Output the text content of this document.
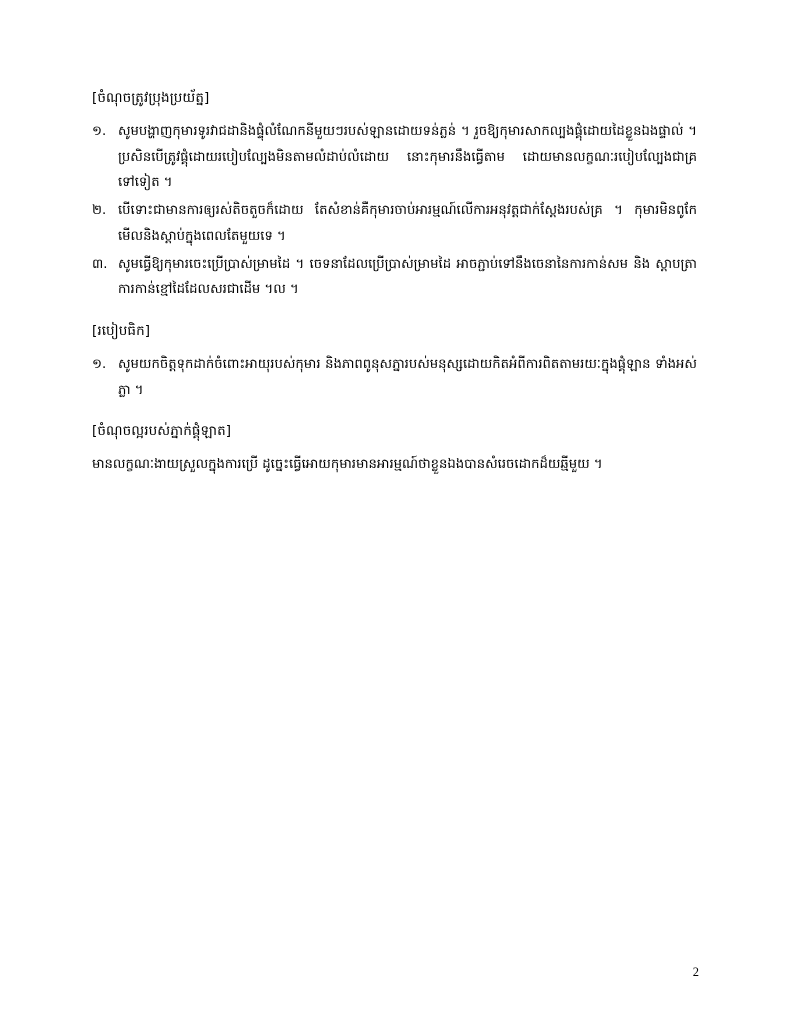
[ចំណុចត្រូវប្រុងប្រយ័ត្ន]
១. សូមបង្ហាញកុមារទូរវាជដានិងផ្ទុំលំណែកនីមួយៗរបស់ឡានដោយទន់ភ្លន់ ។ រួចឱ្យកុមារសាកល្បងផ្គុំដោយដៃខ្លួនឯងផ្ទាល់ ។ ប្រសិនបើត្រូវផ្គុំដោយរបៀបល្បែងមិនតាមលំដាប់លំដោយ នោះកុមារនឹងធ្វើតាម ដោយមានលក្ខណៈរបៀបល្បែងជាគ្រ ទៅទៀត ។
២. បើទោះជាមានការឲ្យរស់តិចតួចក៏ដោយ តែសំខាន់គឺកុមារចាប់អារម្មណ៍លើការអនុវត្តជាក់ស្តែងរបស់គ្រ ។ កុមារមិនពូកែមើលនិងស្តាប់ក្នុងពេលតែមួយទេ ។
៣. សូមធ្វើឱ្យកុមារចេះប្រើប្រាស់ម្រាមដៃ ។ ចេទនាដែលប្រើប្រាស់ម្រាមដៃ អាចភ្ជាប់ទៅនឹងចេនានៃការកាន់សម និង ស្តាបត្រា ការកាន់ខ្មៅដៃដែលសរជាដើម ។ល ។
[របៀបធិក]
១. សូមយកចិត្តទុកដាក់ចំពោះអាយុរបស់កុមារ និងភាពពូនុសភ្នារបស់មនុស្សដោយកិតអំពីការពិតតាមរយៈក្នុងផ្គុំឡាន ទាំងអស់ភ្លា ។
[ចំណុចល្អរបស់ភ្នាក់ផ្គុំឡាត]

មានលក្ខណៈងាយស្រួលក្នុងការប្រើ ដូច្នេះធ្វើអោយកុមារមានអារម្មណ៍ថាខ្លួនឯងបានសំរេចដោកដ៏យឆ្មីមួយ ។

2
